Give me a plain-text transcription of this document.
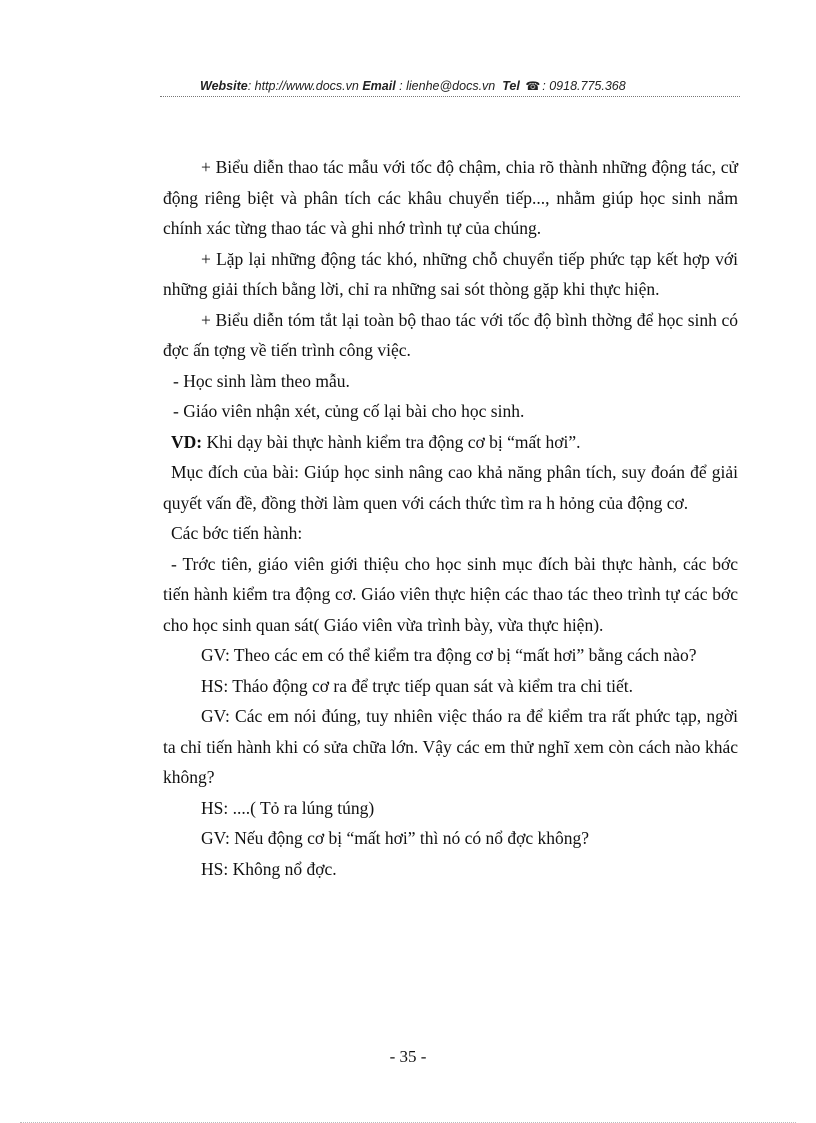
Website: http://www.docs.vn Email : lienhe@docs.vn  Tel ☎ : 0918.775.368

+ Biểu diễn thao tác mẫu với tốc độ chậm, chia rõ thành những động tác, cử động riêng biệt và phân tích các khâu chuyển tiếp..., nhằm giúp học sinh nắm chính xác từng thao tác và ghi nhớ trình tự của chúng.

+ Lặp lại những động tác khó, những chỗ chuyển tiếp phức tạp kết hợp với những giải thích bằng lời, chỉ ra những sai sót thòng gặp khi thực hiện.

+ Biểu diễn tóm tắt lại toàn bộ thao tác với tốc độ bình thờng để học sinh có đợc ấn tợng về tiến trình công việc.

- Học sinh làm theo mẫu.

- Giáo viên nhận xét, củng cố lại bài cho học sinh.

VD: Khi dạy bài thực hành kiểm tra động cơ bị “mất hơi”.

Mục đích của bài: Giúp học sinh nâng cao khả năng phân tích, suy đoán để giải quyết vấn đề, đồng thời làm quen với cách thức tìm ra h hỏng của động cơ.

Các bớc tiến hành:

- Trớc tiên, giáo viên giới thiệu cho học sinh mục đích bài thực hành, các bớc tiến hành kiểm tra động cơ. Giáo viên thực hiện các thao tác theo trình tự các bớc cho học sinh quan sát( Giáo viên vừa trình bày, vừa thực hiện).

GV: Theo các em có thể kiểm tra động cơ bị “mất hơi” bằng cách nào?

HS: Tháo động cơ ra để trực tiếp quan sát và kiểm tra chi tiết.

GV: Các em nói đúng, tuy nhiên việc tháo ra để kiểm tra rất phức tạp, ngời ta chỉ tiến hành khi có sửa chữa lớn. Vậy các em thử nghĩ xem còn cách nào khác không?

HS: ....( Tỏ ra lúng túng)

GV: Nếu động cơ bị “mất hơi” thì nó có nổ đợc không?

HS: Không nổ đợc.

- 35 -
